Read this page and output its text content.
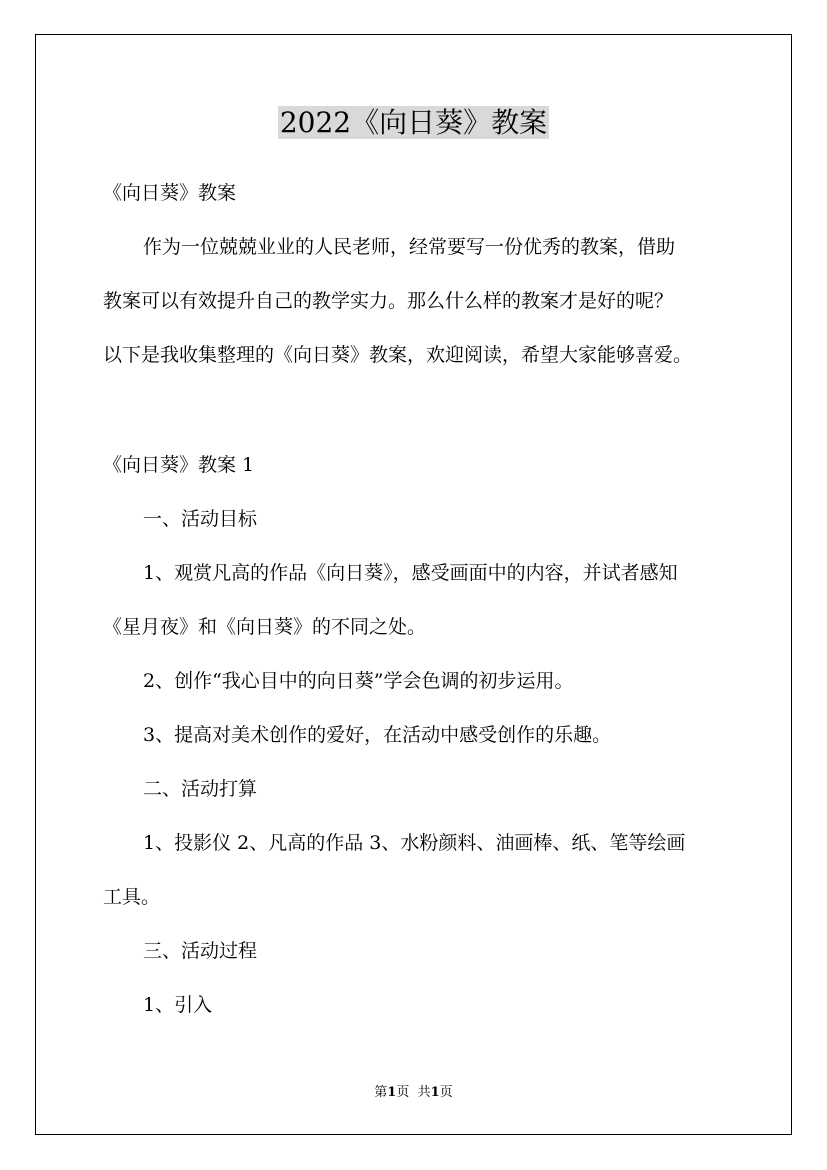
2022《向日葵》教案
《向日葵》教案
作为一位兢兢业业的人民老师，经常要写一份优秀的教案，借助
教案可以有效提升自己的教学实力。那么什么样的教案才是好的呢？
以下是我收集整理的《向日葵》教案，欢迎阅读，希望大家能够喜爱。
《向日葵》教案 1
一、活动目标
1、观赏凡高的作品《向日葵》，感受画面中的内容，并试者感知
《星月夜》和《向日葵》的不同之处。
2、创作“我心目中的向日葵”学会色调的初步运用。
3、提高对美术创作的爱好，在活动中感受创作的乐趣。
二、活动打算
1、投影仪 2、凡高的作品 3、水粉颜料、油画棒、纸、笔等绘画
工具。
三、活动过程
1、引入
第1页 共1页
